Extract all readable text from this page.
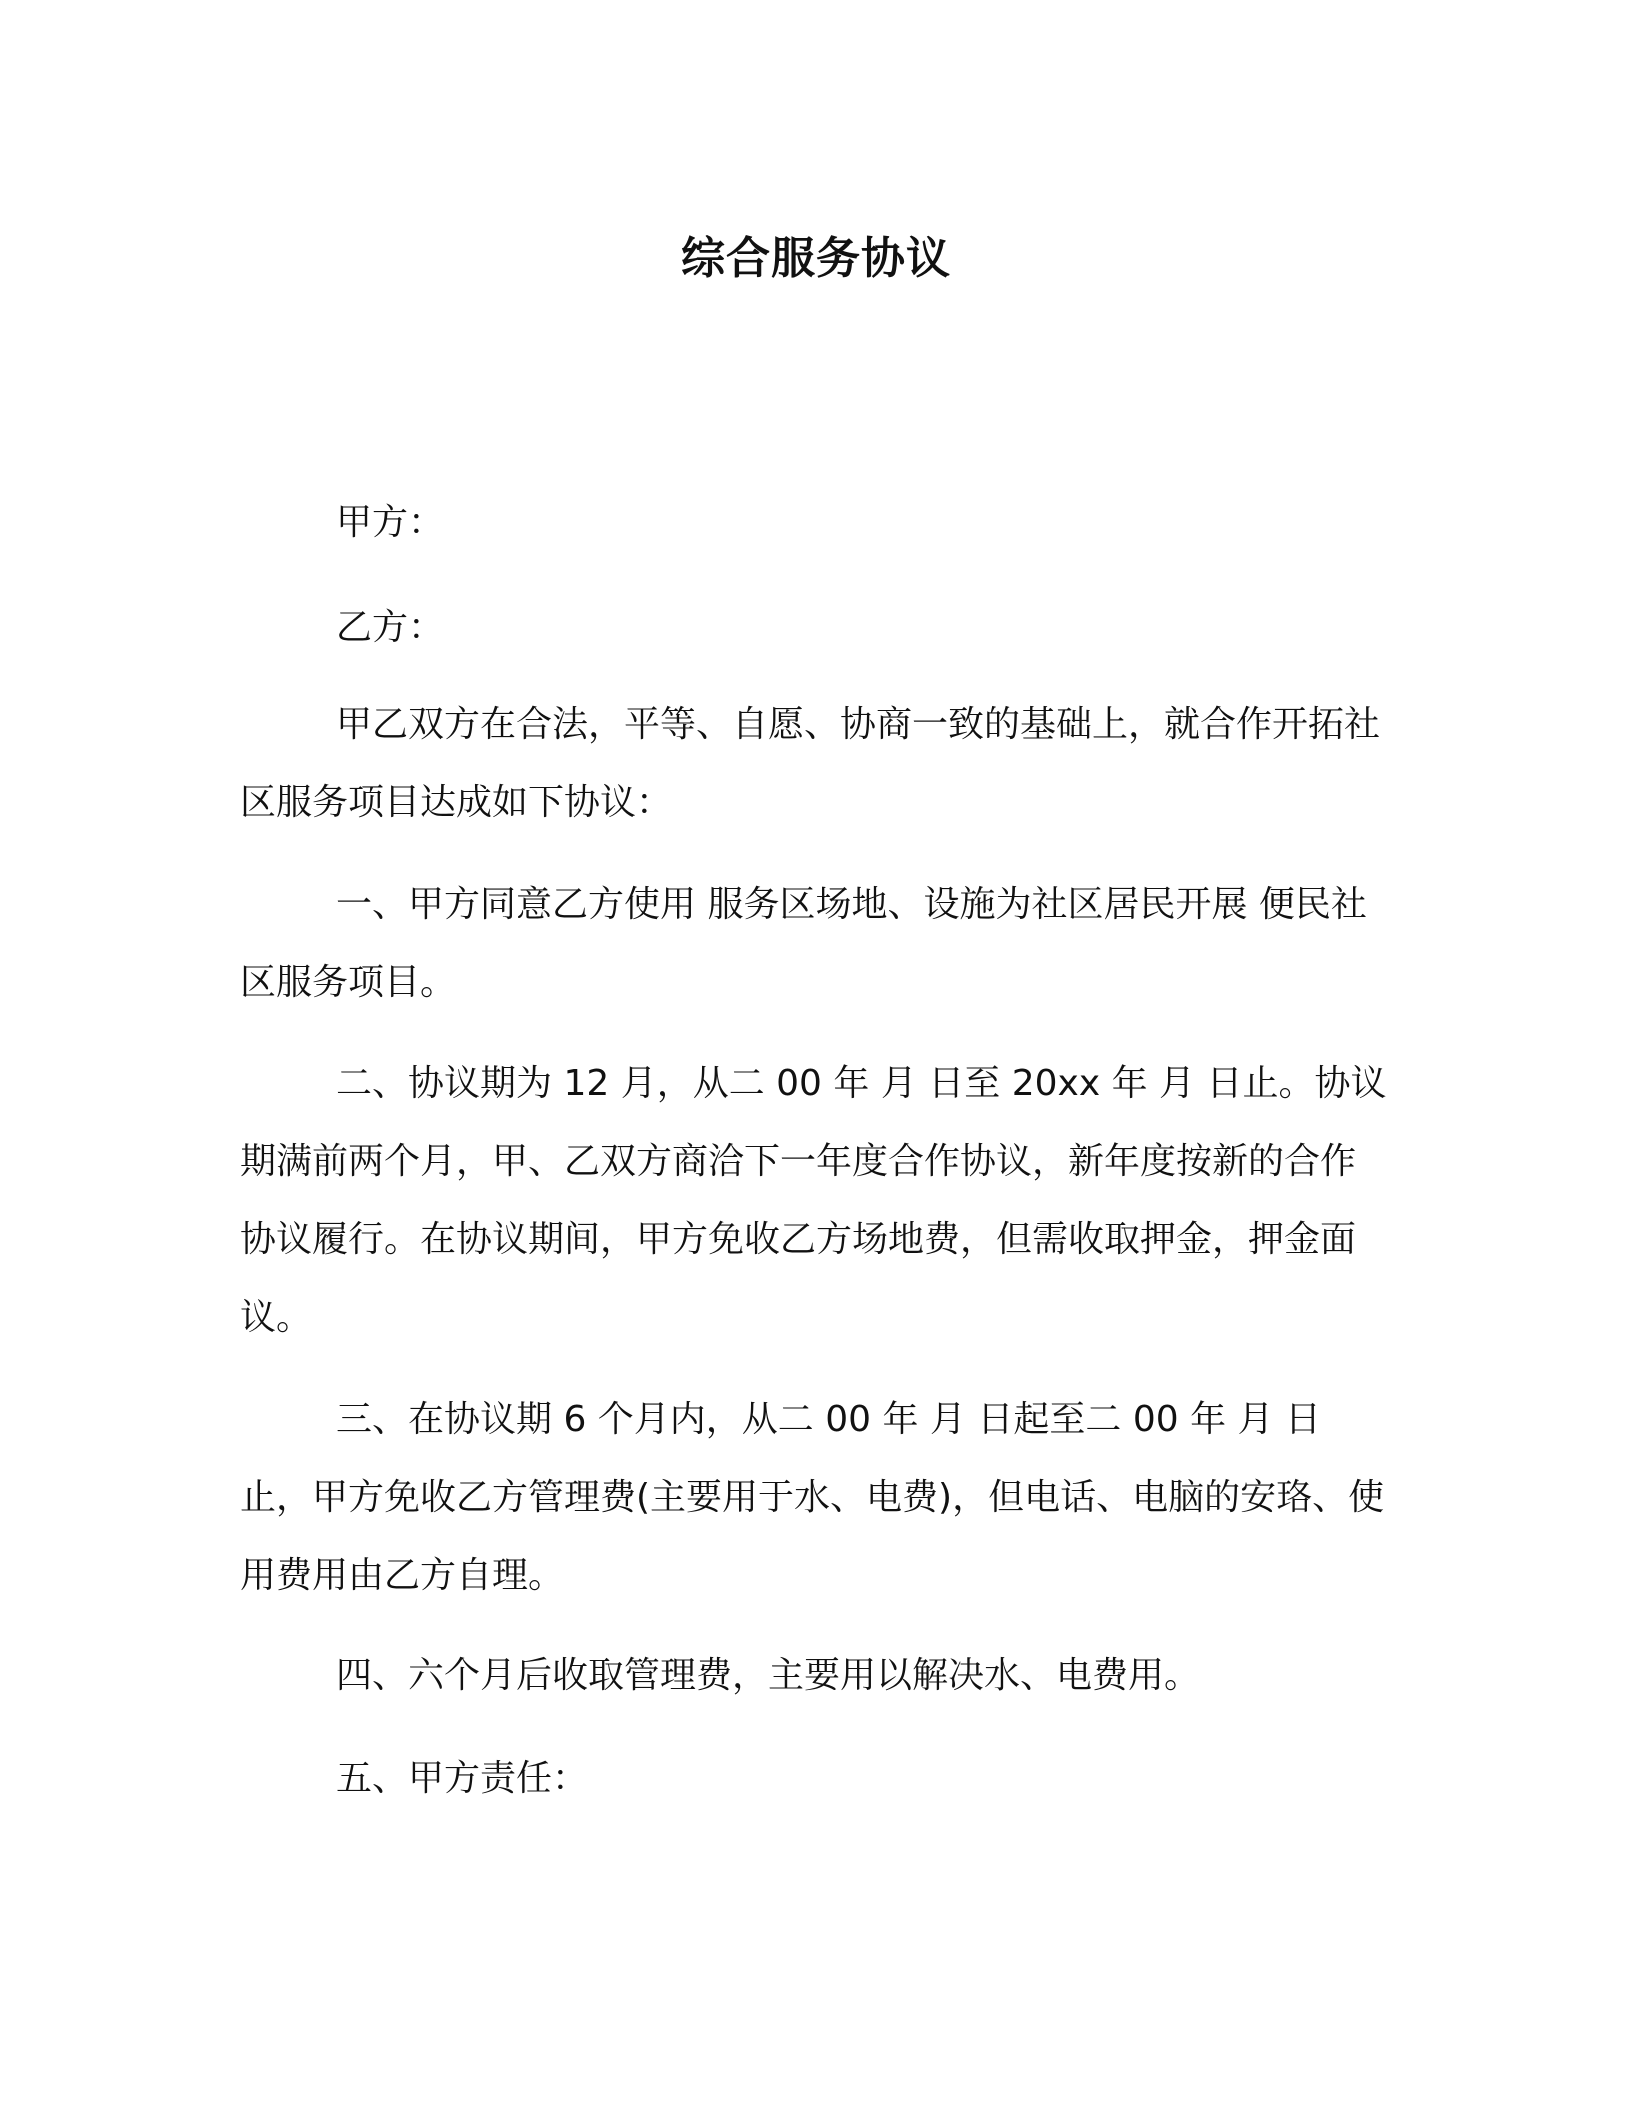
综合服务协议

甲方：

乙方：

甲乙双方在合法，平等、自愿、协商一致的基础上，就合作开拓社区服务项目达成如下协议：

一、甲方同意乙方使用 服务区场地、设施为社区居民开展 便民社区服务项目。

二、协议期为 12 月，从二 00 年 月 日至 20xx 年 月 日止。协议期满前两个月，甲、乙双方商洽下一年度合作协议，新年度按新的合作协议履行。在协议期间，甲方免收乙方场地费，但需收取押金，押金面议。

三、在协议期 6 个月内，从二 00 年 月 日起至二 00 年 月 日止，甲方免收乙方管理费(主要用于水、电费)，但电话、电脑的安珞、使用费用由乙方自理。

四、六个月后收取管理费，主要用以解决水、电费用。

五、甲方责任：
